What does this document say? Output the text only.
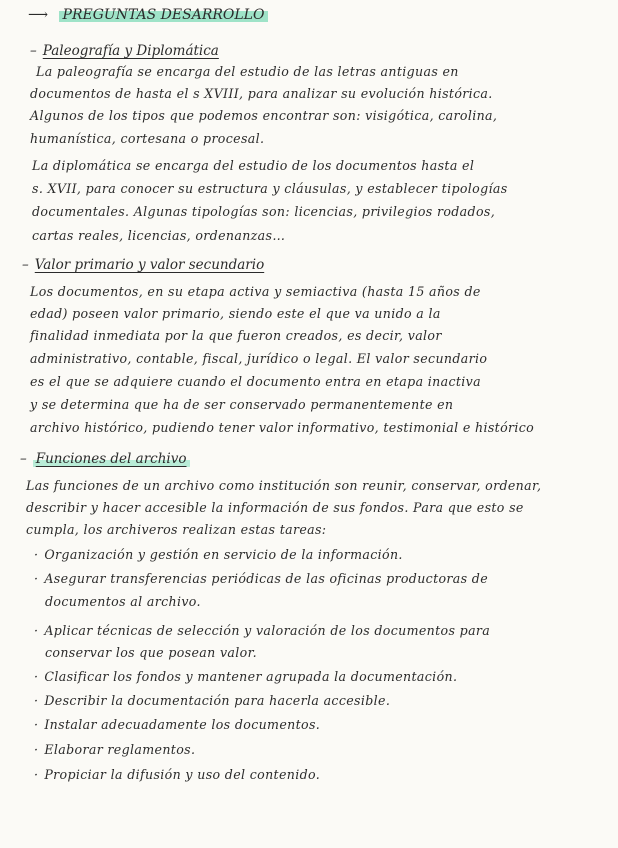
⟶ PREGUNTAS DESARROLLO
– Paleografía y Diplomática
La paleografía se encarga del estudio de las letras antiguas en
documentos de hasta el s XVIII, para analizar su evolución histórica.
Algunos de los tipos que podemos encontrar son: visigótica, carolina,
humanística, cortesana o procesal.
La diplomática se encarga del estudio de los documentos hasta el
s. XVII, para conocer su estructura y cláusulas, y establecer tipologías
documentales. Algunas tipologías son: licencias, privilegios rodados,
cartas reales, licencias, ordenanzas…
– Valor primario y valor secundario
Los documentos, en su etapa activa y semiactiva (hasta 15 años de
edad) poseen valor primario, siendo este el que va unido a la
finalidad inmediata por la que fueron creados, es decir, valor
administrativo, contable, fiscal, jurídico o legal. El valor secundario
es el que se adquiere cuando el documento entra en etapa inactiva
y se determina que ha de ser conservado permanentemente en
archivo histórico, pudiendo tener valor informativo, testimonial e histórico
– Funciones del archivo
Las funciones de un archivo como institución son reunir, conservar, ordenar,
describir y hacer accesible la información de sus fondos. Para que esto se
cumpla, los archiveros realizan estas tareas:
· Organización y gestión en servicio de la información.
· Asegurar transferencias periódicas de las oficinas productoras de
documentos al archivo.
· Aplicar técnicas de selección y valoración de los documentos para
conservar los que posean valor.
· Clasificar los fondos y mantener agrupada la documentación.
· Describir la documentación para hacerla accesible.
· Instalar adecuadamente los documentos.
· Elaborar reglamentos.
· Propiciar la difusión y uso del contenido.
